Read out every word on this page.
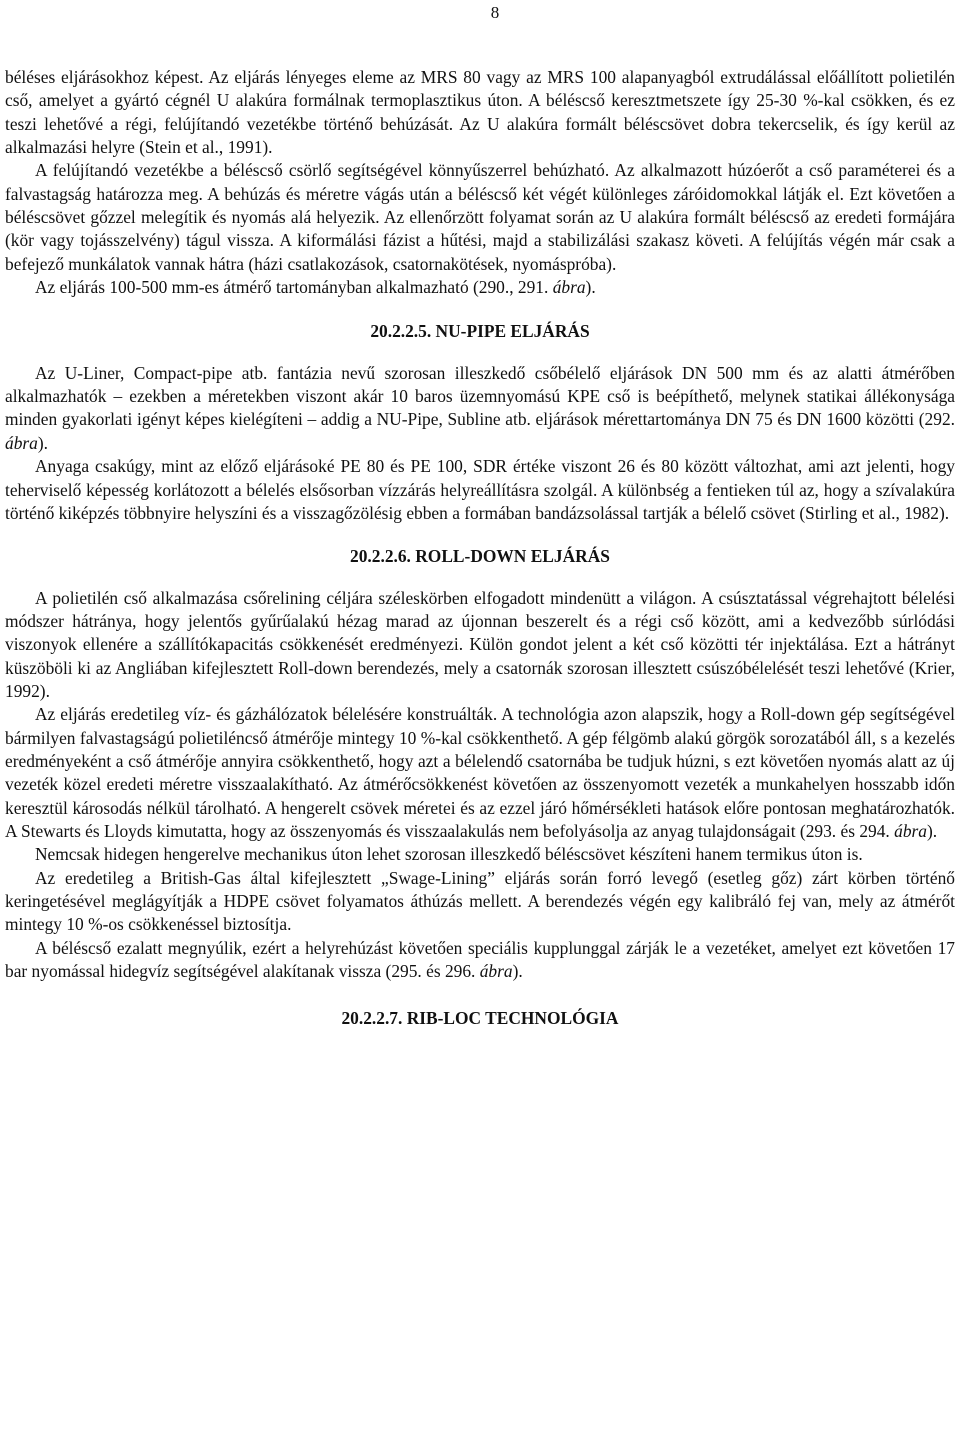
8

béléses eljárásokhoz képest. Az eljárás lényeges eleme az MRS 80 vagy az MRS 100 alapanyagból extrudálással előállított polietilén cső, amelyet a gyártó cégnél U alakúra formálnak termoplasztikus úton. A béléscső keresztmetszete így 25-30 %-kal csökken, és ez teszi lehetővé a régi, felújítandó vezetékbe történő behúzását. Az U alakúra formált béléscsövet dobra tekercselik, és így kerül az alkalmazási helyre (Stein et al., 1991).

A felújítandó vezetékbe a béléscső csörlő segítségével könnyűszerrel behúzható. Az alkalmazott húzóerőt a cső paraméterei és a falvastagság határozza meg. A behúzás és méretre vágás után a béléscső két végét különleges záróidomokkal látják el. Ezt követően a béléscsövet gőzzel melegítik és nyomás alá helyezik. Az ellenőrzött folyamat során az U alakúra formált béléscső az eredeti formájára (kör vagy tojásszelvény) tágul vissza. A kiformálási fázist a hűtési, majd a stabilizálási szakasz követi. A felújítás végén már csak a befejező munkálatok vannak hátra (házi csatlakozások, csatornakötések, nyomáspróba).

Az eljárás 100-500 mm-es átmérő tartományban alkalmazható (290., 291. ábra).

20.2.2.5. NU-PIPE ELJÁRÁS

Az U-Liner, Compact-pipe atb. fantázia nevű szorosan illeszkedő csőbélelő eljárások DN 500 mm és az alatti átmérőben alkalmazhatók – ezekben a méretekben viszont akár 10 baros üzemnyomású KPE cső is beépíthető, melynek statikai állékonysága minden gyakorlati igényt képes kielégíteni – addig a NU-Pipe, Subline atb. eljárások mérettartománya DN 75 és DN 1600 közötti (292. ábra).

Anyaga csakúgy, mint az előző eljárásoké PE 80 és PE 100, SDR értéke viszont 26 és 80 között változhat, ami azt jelenti, hogy teherviselő képesség korlátozott a bélelés elsősorban vízzárás helyreállításra szolgál. A különbség a fentieken túl az, hogy a szívalakúra történő kiképzés többnyire helyszíni és a visszagőzölésig ebben a formában bandázsolással tartják a bélelő csövet (Stirling et al., 1982).

20.2.2.6. ROLL-DOWN ELJÁRÁS

A polietilén cső alkalmazása csőrelining céljára széleskörben elfogadott mindenütt a világon. A csúsztatással végrehajtott bélelési módszer hátránya, hogy jelentős gyűrűalakú hézag marad az újonnan beszerelt és a régi cső között, ami a kedvezőbb súrlódási viszonyok ellenére a szállítókapacitás csökkenését eredményezi. Külön gondot jelent a két cső közötti tér injektálása. Ezt a hátrányt küszöböli ki az Angliában kifejlesztett Roll-down berendezés, mely a csatornák szorosan illesztett csúszóbélelését teszi lehetővé (Krier, 1992).

Az eljárás eredetileg víz- és gázhálózatok bélelésére konstruálták. A technológia azon alapszik, hogy a Roll-down gép segítségével bármilyen falvastagságú polietiléncső átmérője mintegy 10 %-kal csökkenthető. A gép félgömb alakú görgök sorozatából áll, s a kezelés eredményeként a cső átmérője annyira csökkenthető, hogy azt a bélelendő csatornába be tudjuk húzni, s ezt követően nyomás alatt az új vezeték közel eredeti méretre visszaalakítható. Az átmérőcsökkenést követően az összenyomott vezeték a munkahelyen hosszabb időn keresztül károsodás nélkül tárolható. A hengerelt csövek méretei és az ezzel járó hőmérsékleti hatások előre pontosan meghatározhatók. A Stewarts és Lloyds kimutatta, hogy az összenyomás és visszaalakulás nem befolyásolja az anyag tulajdonságait (293. és 294. ábra).

Nemcsak hidegen hengerelve mechanikus úton lehet szorosan illeszkedő béléscsövet készíteni hanem termikus úton is.

Az eredetileg a British-Gas által kifejlesztett „Swage-Lining” eljárás során forró levegő (esetleg gőz) zárt körben történő keringetésével meglágyítják a HDPE csövet folyamatos áthúzás mellett. A berendezés végén egy kalibráló fej van, mely az átmérőt mintegy 10 %-os csökkenéssel biztosítja.

A béléscső ezalatt megnyúlik, ezért a helyrehúzást követően speciális kupplunggal zárják le a vezetéket, amelyet ezt követően 17 bar nyomással hidegvíz segítségével alakítanak vissza (295. és 296. ábra).

20.2.2.7. RIB-LOC TECHNOLÓGIA
